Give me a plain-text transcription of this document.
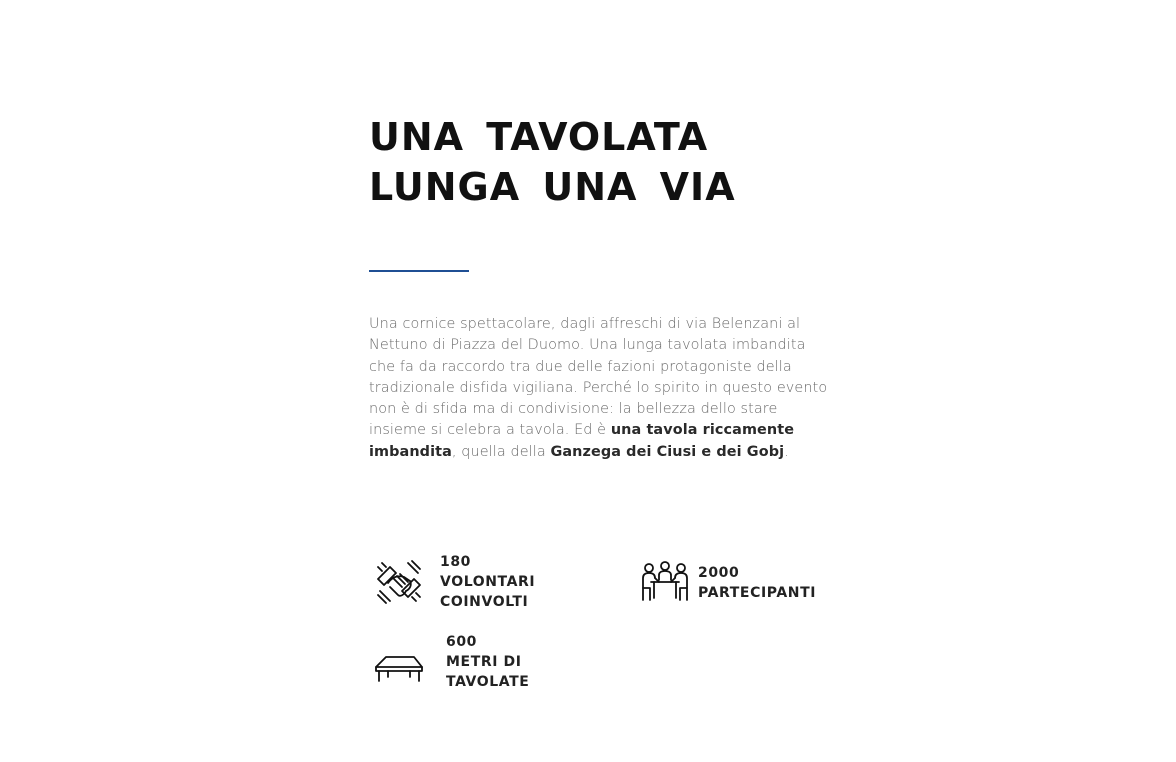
UNA TAVOLATA
LUNGA UNA VIA

Una cornice spettacolare, dagli affreschi di via Belenzani al Nettuno di Piazza del Duomo. Una lunga tavolata imbandita che fa da raccordo tra due delle fazioni protagoniste della tradizionale disfida vigiliana. Perché lo spirito in questo evento non è di sfida ma di condivisione: la bellezza dello stare insieme si celebra a tavola. Ed è una tavola riccamente imbandita, quella della Ganzega dei Ciusi e dei Gobj.

180
VOLONTARI
COINVOLTI
2000
PARTECIPANTI
600
METRI DI
TAVOLATE
